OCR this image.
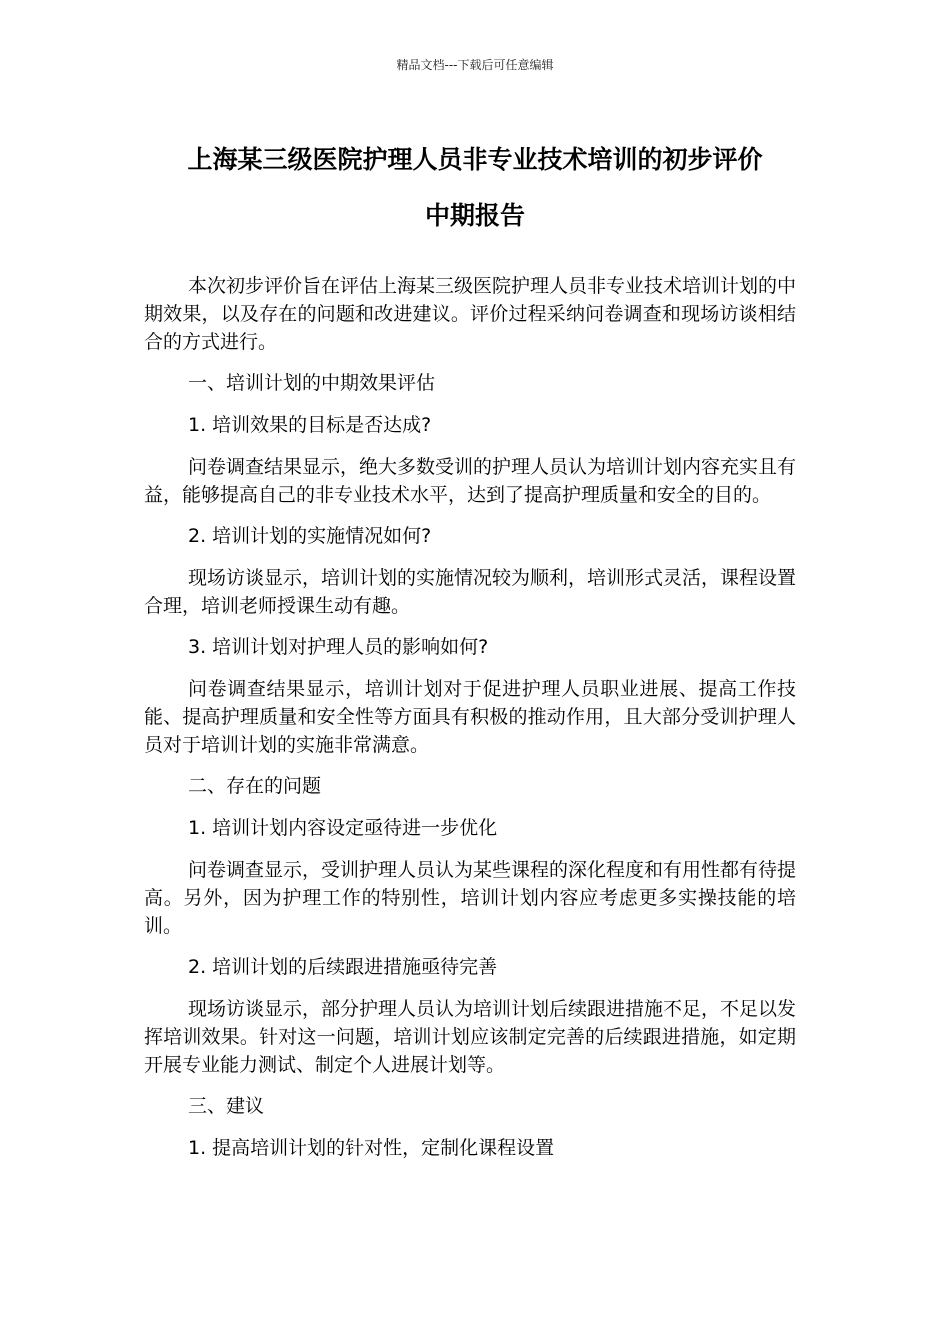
精品文档---下载后可任意编辑
上海某三级医院护理人员非专业技术培训的初步评价
中期报告

本次初步评价旨在评估上海某三级医院护理人员非专业技术培训计划的中期效果，以及存在的问题和改进建议。评价过程采纳问卷调查和现场访谈相结合的方式进行。

一、培训计划的中期效果评估

1. 培训效果的目标是否达成?

问卷调查结果显示，绝大多数受训的护理人员认为培训计划内容充实且有益，能够提高自己的非专业技术水平，达到了提高护理质量和安全的目的。

2. 培训计划的实施情况如何?

现场访谈显示，培训计划的实施情况较为顺利，培训形式灵活，课程设置合理，培训老师授课生动有趣。

3. 培训计划对护理人员的影响如何?

问卷调查结果显示，培训计划对于促进护理人员职业进展、提高工作技能、提高护理质量和安全性等方面具有积极的推动作用，且大部分受训护理人员对于培训计划的实施非常满意。

二、存在的问题

1. 培训计划内容设定亟待进一步优化

问卷调查显示，受训护理人员认为某些课程的深化程度和有用性都有待提高。另外，因为护理工作的特别性，培训计划内容应考虑更多实操技能的培训。

2. 培训计划的后续跟进措施亟待完善

现场访谈显示，部分护理人员认为培训计划后续跟进措施不足，不足以发挥培训效果。针对这一问题，培训计划应该制定完善的后续跟进措施，如定期开展专业能力测试、制定个人进展计划等。

三、建议

1. 提高培训计划的针对性，定制化课程设置
